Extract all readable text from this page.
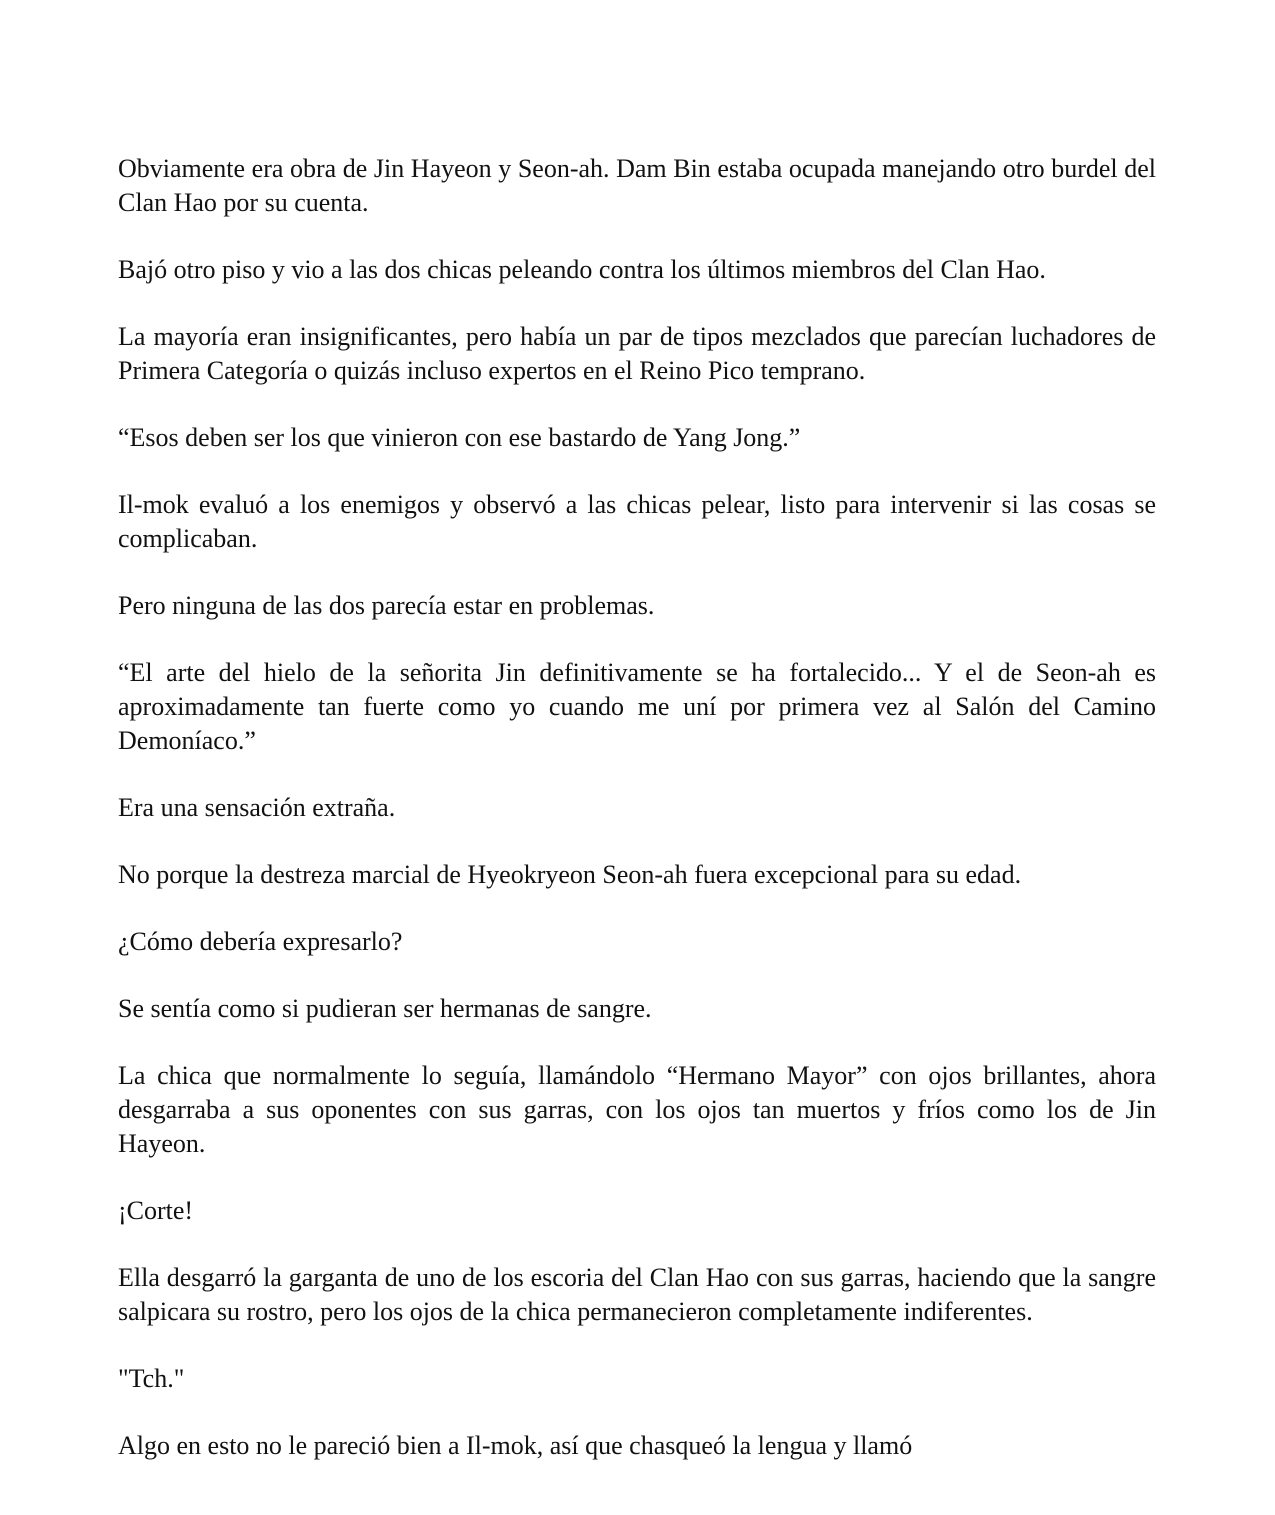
Obviamente era obra de Jin Hayeon y Seon-ah. Dam Bin estaba ocupada manejando otro burdel del Clan Hao por su cuenta.

Bajó otro piso y vio a las dos chicas peleando contra los últimos miembros del Clan Hao.

La mayoría eran insignificantes, pero había un par de tipos mezclados que parecían luchadores de Primera Categoría o quizás incluso expertos en el Reino Pico temprano.

“Esos deben ser los que vinieron con ese bastardo de Yang Jong.”

Il-mok evaluó a los enemigos y observó a las chicas pelear, listo para intervenir si las cosas se complicaban.

Pero ninguna de las dos parecía estar en problemas.

“El arte del hielo de la señorita Jin definitivamente se ha fortalecido... Y el de Seon-ah es aproximadamente tan fuerte como yo cuando me uní por primera vez al Salón del Camino Demoníaco.”

Era una sensación extraña.

No porque la destreza marcial de Hyeokryeon Seon-ah fuera excepcional para su edad.

¿Cómo debería expresarlo?

Se sentía como si pudieran ser hermanas de sangre.

La chica que normalmente lo seguía, llamándolo “Hermano Mayor” con ojos brillantes, ahora desgarraba a sus oponentes con sus garras, con los ojos tan muertos y fríos como los de Jin Hayeon.

¡Corte!

Ella desgarró la garganta de uno de los escoria del Clan Hao con sus garras, haciendo que la sangre salpicara su rostro, pero los ojos de la chica permanecieron completamente indiferentes.

"Tch."

Algo en esto no le pareció bien a Il-mok, así que chasqueó la lengua y llamó
